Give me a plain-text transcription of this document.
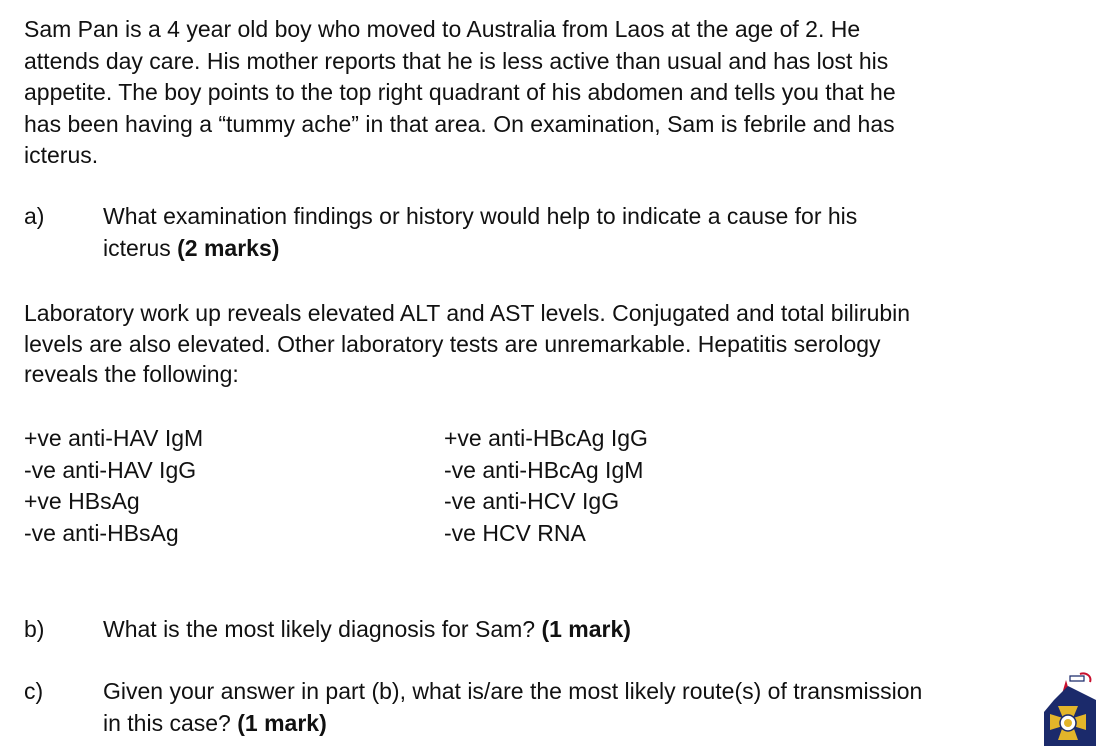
Sam Pan is a 4 year old boy who moved to Australia from Laos at the age of 2. He
attends day care. His mother reports that he is less active than usual and has lost his
appetite. The boy points to the top right quadrant of his abdomen and tells you that he
has been having a “tummy ache” in that area. On examination, Sam is febrile and has
icterus.
a)	What examination findings or history would help to indicate a cause for his
icterus (2 marks)
Laboratory work up reveals elevated ALT and AST levels. Conjugated and total bilirubin
levels are also elevated. Other laboratory tests are unremarkable. Hepatitis serology
reveals the following:
+ve anti-HAV IgM
-ve anti-HAV IgG
+ve HBsAg
-ve anti-HBsAg
+ve anti-HBcAg IgG
-ve anti-HBcAg IgM
-ve anti-HCV IgG
-ve HCV RNA
b)	What is the most likely diagnosis for Sam? (1 mark)
c)	Given your answer in part (b), what is/are the most likely route(s) of transmission
in this case? (1 mark)
